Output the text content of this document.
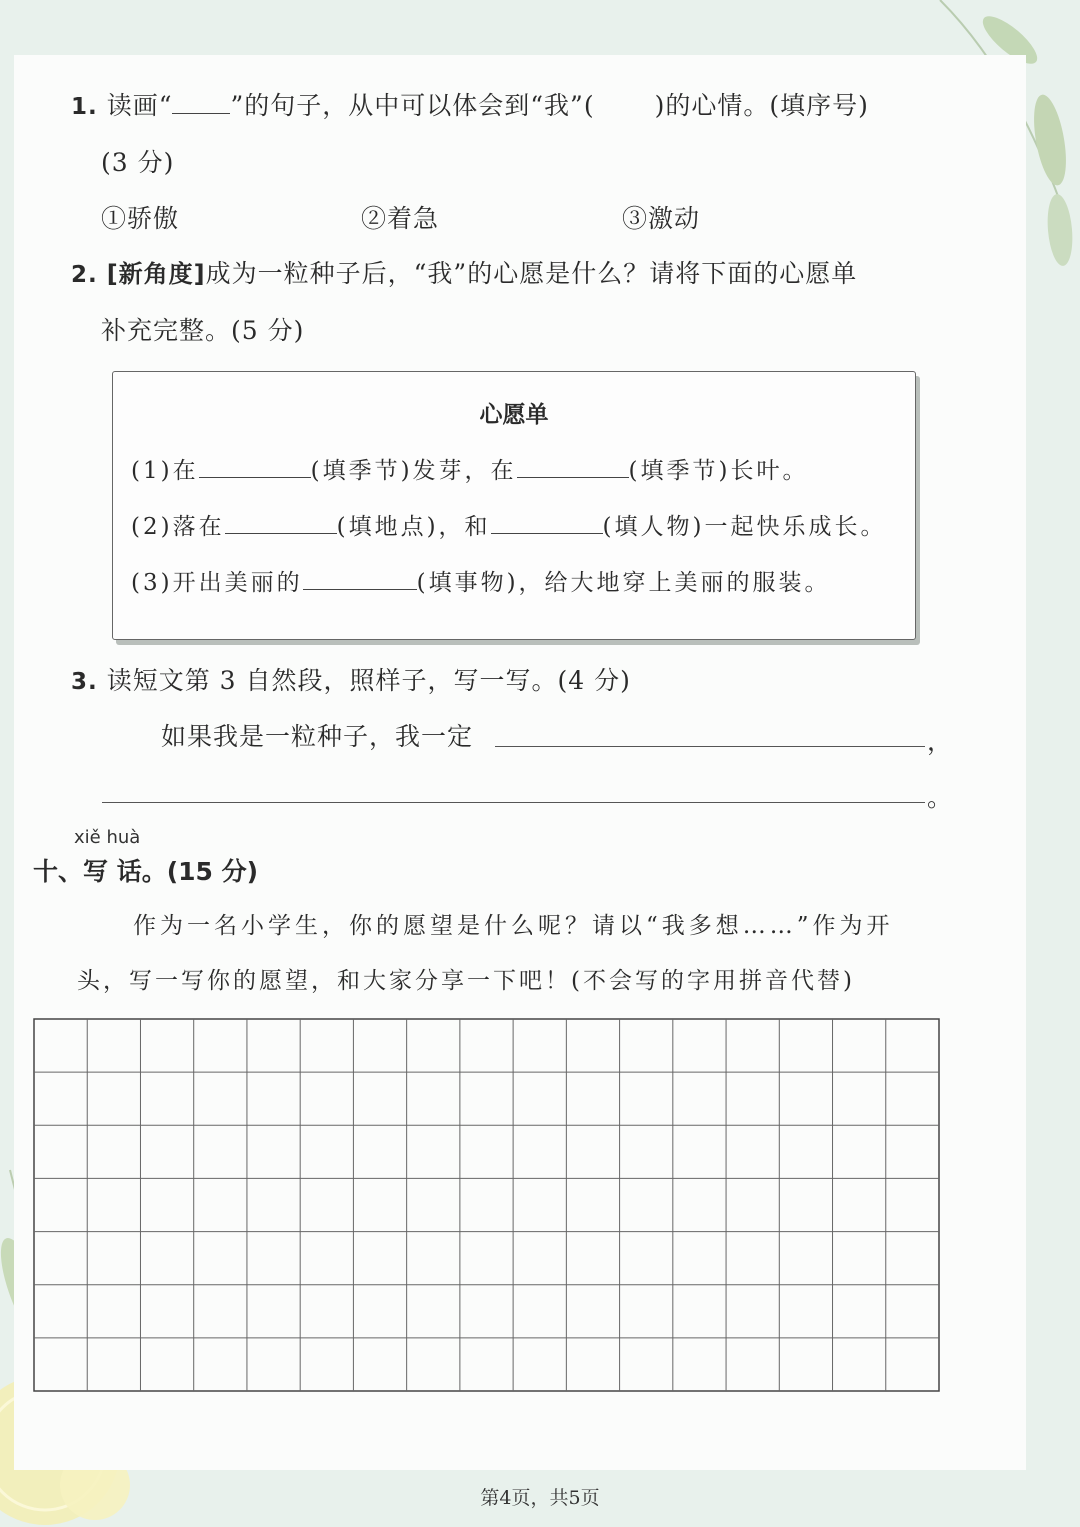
1. 读画“ ”的句子，从中可以体会到“我”( )的心情。(填序号)
(3 分)
①骄傲	②着急	③激动
2. [新角度]成为一粒种子后，“我”的心愿是什么？请将下面的心愿单
补充完整。(5 分)
心愿单
(1)在	(填季节)发芽，在	(填季节)长叶。
(2)落在	(填地点)，和	(填人物)一起快乐成长。
(3)开出美丽的	(填事物)，给大地穿上美丽的服装。
3. 读短文第 3 自然段，照样子，写一写。(4 分)
如果我是一粒种子，我一定	，
。
xiě huà
十、写 话。(15 分)
作为一名小学生，你的愿望是什么呢？请以“我多想……”作为开
头，写一写你的愿望，和大家分享一下吧！(不会写的字用拼音代替)
第4页，共5页
